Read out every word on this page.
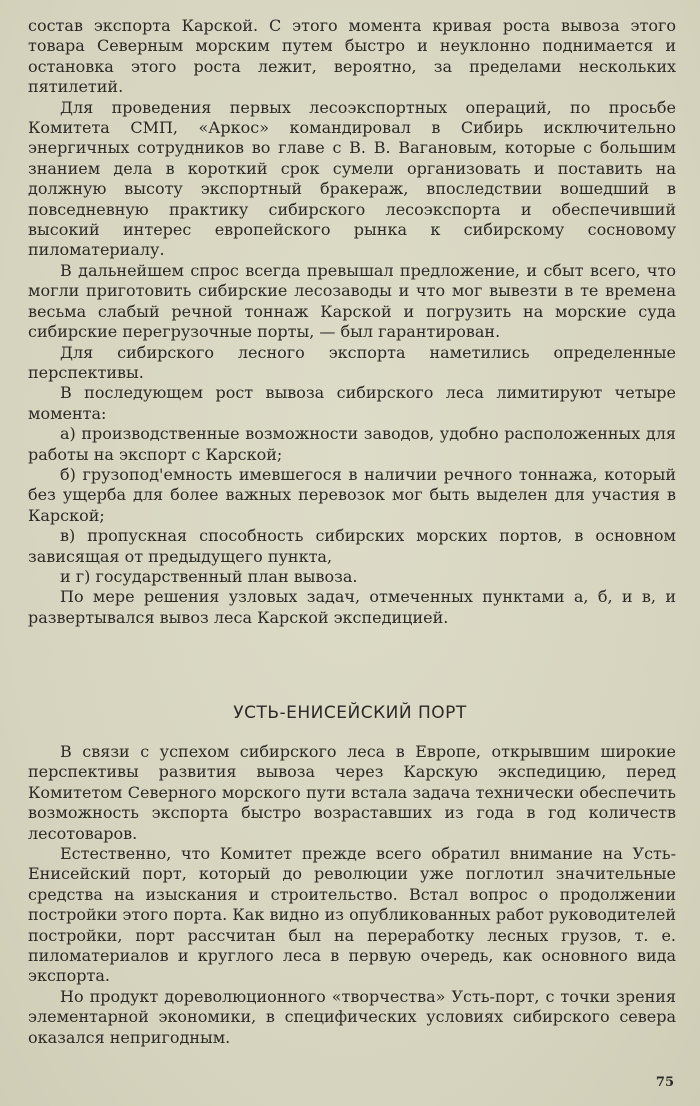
состав экспорта Карской. С этого момента кривая роста вывоза этого товара Северным морским путем быстро и неуклонно поднимается и остановка этого роста лежит, вероятно, за пределами нескольких пятилетий.

Для проведения первых лесоэкспортных операций, по просьбе Комитета СМП, «Аркос» командировал в Сибирь исключительно энергичных сотрудников во главе с В. В. Вагановым, которые с большим знанием дела в короткий срок сумели организовать и поставить на должную высоту экспортный бракераж, впоследствии вошедший в повседневную практику сибирского лесоэкспорта и обеспечивший высокий интерес европейского рынка к сибирскому сосновому пиломатериалу.

В дальнейшем спрос всегда превышал предложение, и сбыт всего, что могли приготовить сибирские лесозаводы и что мог вывезти в те времена весьма слабый речной тоннаж Карской и погрузить на морские суда сибирские перегрузочные порты, — был гарантирован.

Для сибирского лесного экспорта наметились определенные перспективы.

В последующем рост вывоза сибирского леса лимитируют четыре момента:

а) производственные возможности заводов, удобно расположенных для работы на экспорт с Карской;

б) грузопод'емность имевшегося в наличии речного тоннажа, который без ущерба для более важных перевозок мог быть выделен для участия в Карской;

в) пропускная способность сибирских морских портов, в основном зависящая от предыдущего пункта,

и г) государственный план вывоза.

По мере решения узловых задач, отмеченных пунктами а, б, и в, и развертывался вывоз леса Карской экспедицией.

УСТЬ-ЕНИСЕЙСКИЙ ПОРТ

В связи с успехом сибирского леса в Европе, открывшим широкие перспективы развития вывоза через Карскую экспедицию, перед Комитетом Северного морского пути встала задача технически обеспечить возможность экспорта быстро возраставших из года в год количеств лесотоваров.

Естественно, что Комитет прежде всего обратил внимание на Усть-Енисейский порт, который до революции уже поглотил значительные средства на изыскания и строительство. Встал вопрос о продолжении постройки этого порта. Как видно из опубликованных работ руководителей постройки, порт рассчитан был на переработку лесных грузов, т. е. пиломатериалов и круглого леса в первую очередь, как основного вида экспорта.

Но продукт дореволюционного «творчества» Усть-порт, с точки зрения элементарной экономики, в специфических условиях сибирского севера оказался непригодным.

75
